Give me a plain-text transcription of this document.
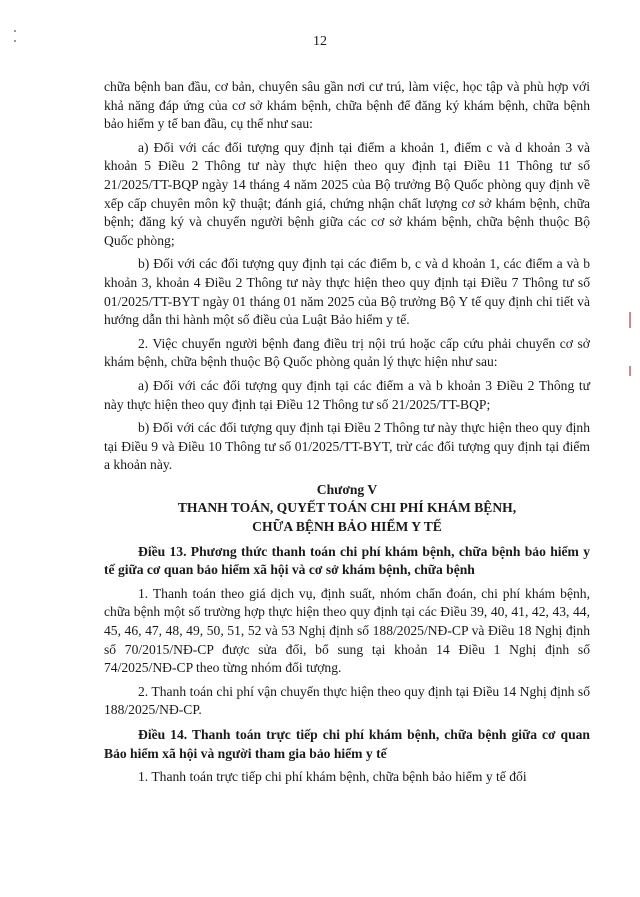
12

chữa bệnh ban đầu, cơ bản, chuyên sâu gần nơi cư trú, làm việc, học tập và phù hợp với khả năng đáp ứng của cơ sở khám bệnh, chữa bệnh để đăng ký khám bệnh, chữa bệnh bảo hiểm y tế ban đầu, cụ thể như sau:

a) Đối với các đối tượng quy định tại điểm a khoản 1, điểm c và d khoản 3 và khoản 5 Điều 2 Thông tư này thực hiện theo quy định tại Điều 11 Thông tư số 21/2025/TT-BQP ngày 14 tháng 4 năm 2025 của Bộ trưởng Bộ Quốc phòng quy định về xếp cấp chuyên môn kỹ thuật; đánh giá, chứng nhận chất lượng cơ sở khám bệnh, chữa bệnh; đăng ký và chuyển người bệnh giữa các cơ sở khám bệnh, chữa bệnh thuộc Bộ Quốc phòng;

b) Đối với các đối tượng quy định tại các điểm b, c và d khoản 1, các điểm a và b khoản 3, khoản 4 Điều 2 Thông tư này thực hiện theo quy định tại Điều 7 Thông tư số 01/2025/TT-BYT ngày 01 tháng 01 năm 2025 của Bộ trưởng Bộ Y tế quy định chi tiết và hướng dẫn thi hành một số điều của Luật Bảo hiểm y tế.

2. Việc chuyển người bệnh đang điều trị nội trú hoặc cấp cứu phải chuyển cơ sở khám bệnh, chữa bệnh thuộc Bộ Quốc phòng quản lý thực hiện như sau:

a) Đối với các đối tượng quy định tại các điểm a và b khoản 3 Điều 2 Thông tư này thực hiện theo quy định tại Điều 12 Thông tư số 21/2025/TT-BQP;

b) Đối với các đối tượng quy định tại Điều 2 Thông tư này thực hiện theo quy định tại Điều 9 và Điều 10 Thông tư số 01/2025/TT-BYT, trừ các đối tượng quy định tại điểm a khoản này.

Chương V
THANH TOÁN, QUYẾT TOÁN CHI PHÍ KHÁM BỆNH,
CHỮA BỆNH BẢO HIỂM Y TẾ

Điều 13. Phương thức thanh toán chi phí khám bệnh, chữa bệnh bảo hiểm y tế giữa cơ quan bảo hiểm xã hội và cơ sở khám bệnh, chữa bệnh

1. Thanh toán theo giá dịch vụ, định suất, nhóm chẩn đoán, chi phí khám bệnh, chữa bệnh một số trường hợp thực hiện theo quy định tại các Điều 39, 40, 41, 42, 43, 44, 45, 46, 47, 48, 49, 50, 51, 52 và 53 Nghị định số 188/2025/NĐ-CP và Điều 18 Nghị định số 70/2015/NĐ-CP được sửa đổi, bổ sung tại khoản 14 Điều 1 Nghị định số 74/2025/NĐ-CP theo từng nhóm đối tượng.

2. Thanh toán chi phí vận chuyển thực hiện theo quy định tại Điều 14 Nghị định số 188/2025/NĐ-CP.

Điều 14. Thanh toán trực tiếp chi phí khám bệnh, chữa bệnh giữa cơ quan Bảo hiểm xã hội và người tham gia bảo hiểm y tế

1. Thanh toán trực tiếp chi phí khám bệnh, chữa bệnh bảo hiểm y tế đối
